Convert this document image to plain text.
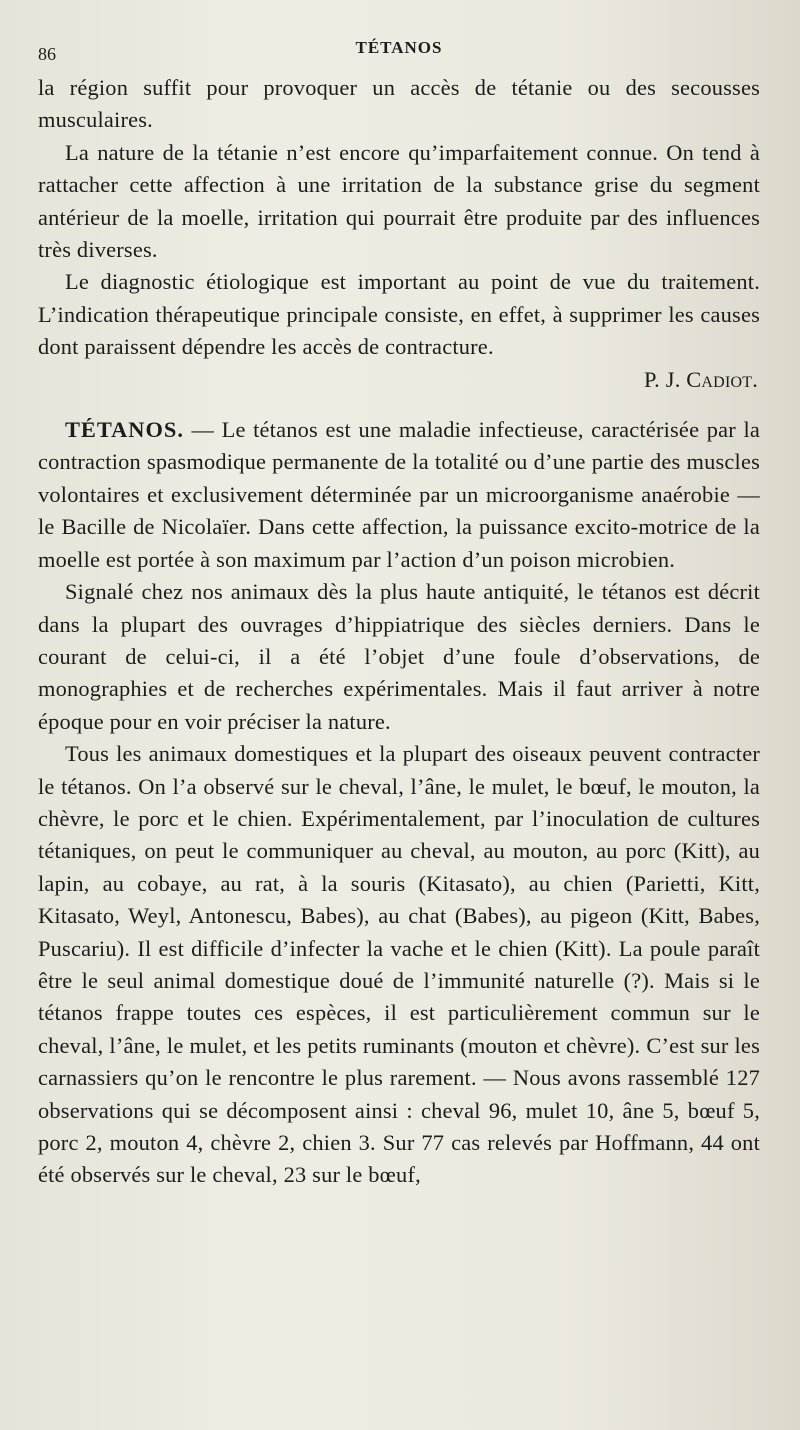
86	TÉTANOS

la région suffit pour provoquer un accès de tétanie ou des secousses musculaires.

La nature de la tétanie n’est encore qu’imparfaitement connue. On tend à rattacher cette affection à une irritation de la substance grise du segment antérieur de la moelle, irritation qui pourrait être produite par des influences très diverses.

Le diagnostic étiologique est important au point de vue du traitement. L’indication thérapeutique principale consiste, en effet, à supprimer les causes dont paraissent dépendre les accès de contracture.

P. J. Cadiot.

TÉTANOS. — Le tétanos est une maladie infectieuse, caractérisée par la contraction spasmodique permanente de la totalité ou d’une partie des muscles volontaires et exclusivement déterminée par un microorganisme anaérobie — le Bacille de Nicolaïer. Dans cette affection, la puissance excito-motrice de la moelle est portée à son maximum par l’action d’un poison microbien.

Signalé chez nos animaux dès la plus haute antiquité, le tétanos est décrit dans la plupart des ouvrages d’hippiatrique des siècles derniers. Dans le courant de celui-ci, il a été l’objet d’une foule d’observations, de monographies et de recherches expérimentales. Mais il faut arriver à notre époque pour en voir préciser la nature.

Tous les animaux domestiques et la plupart des oiseaux peuvent contracter le tétanos. On l’a observé sur le cheval, l’âne, le mulet, le bœuf, le mouton, la chèvre, le porc et le chien. Expérimentalement, par l’inoculation de cultures tétaniques, on peut le communiquer au cheval, au mouton, au porc (Kitt), au lapin, au cobaye, au rat, à la souris (Kitasato), au chien (Parietti, Kitt, Kitasato, Weyl, Antonescu, Babes), au chat (Babes), au pigeon (Kitt, Babes, Puscariu). Il est difficile d’infecter la vache et le chien (Kitt). La poule paraît être le seul animal domestique doué de l’immunité naturelle (?). Mais si le tétanos frappe toutes ces espèces, il est particulièrement commun sur le cheval, l’âne, le mulet, et les petits ruminants (mouton et chèvre). C’est sur les carnassiers qu’on le rencontre le plus rarement. — Nous avons rassemblé 127 observations qui se décomposent ainsi : cheval 96, mulet 10, âne 5, bœuf 5, porc 2, mouton 4, chèvre 2, chien 3. Sur 77 cas relevés par Hoffmann, 44 ont été observés sur le cheval, 23 sur le bœuf,
